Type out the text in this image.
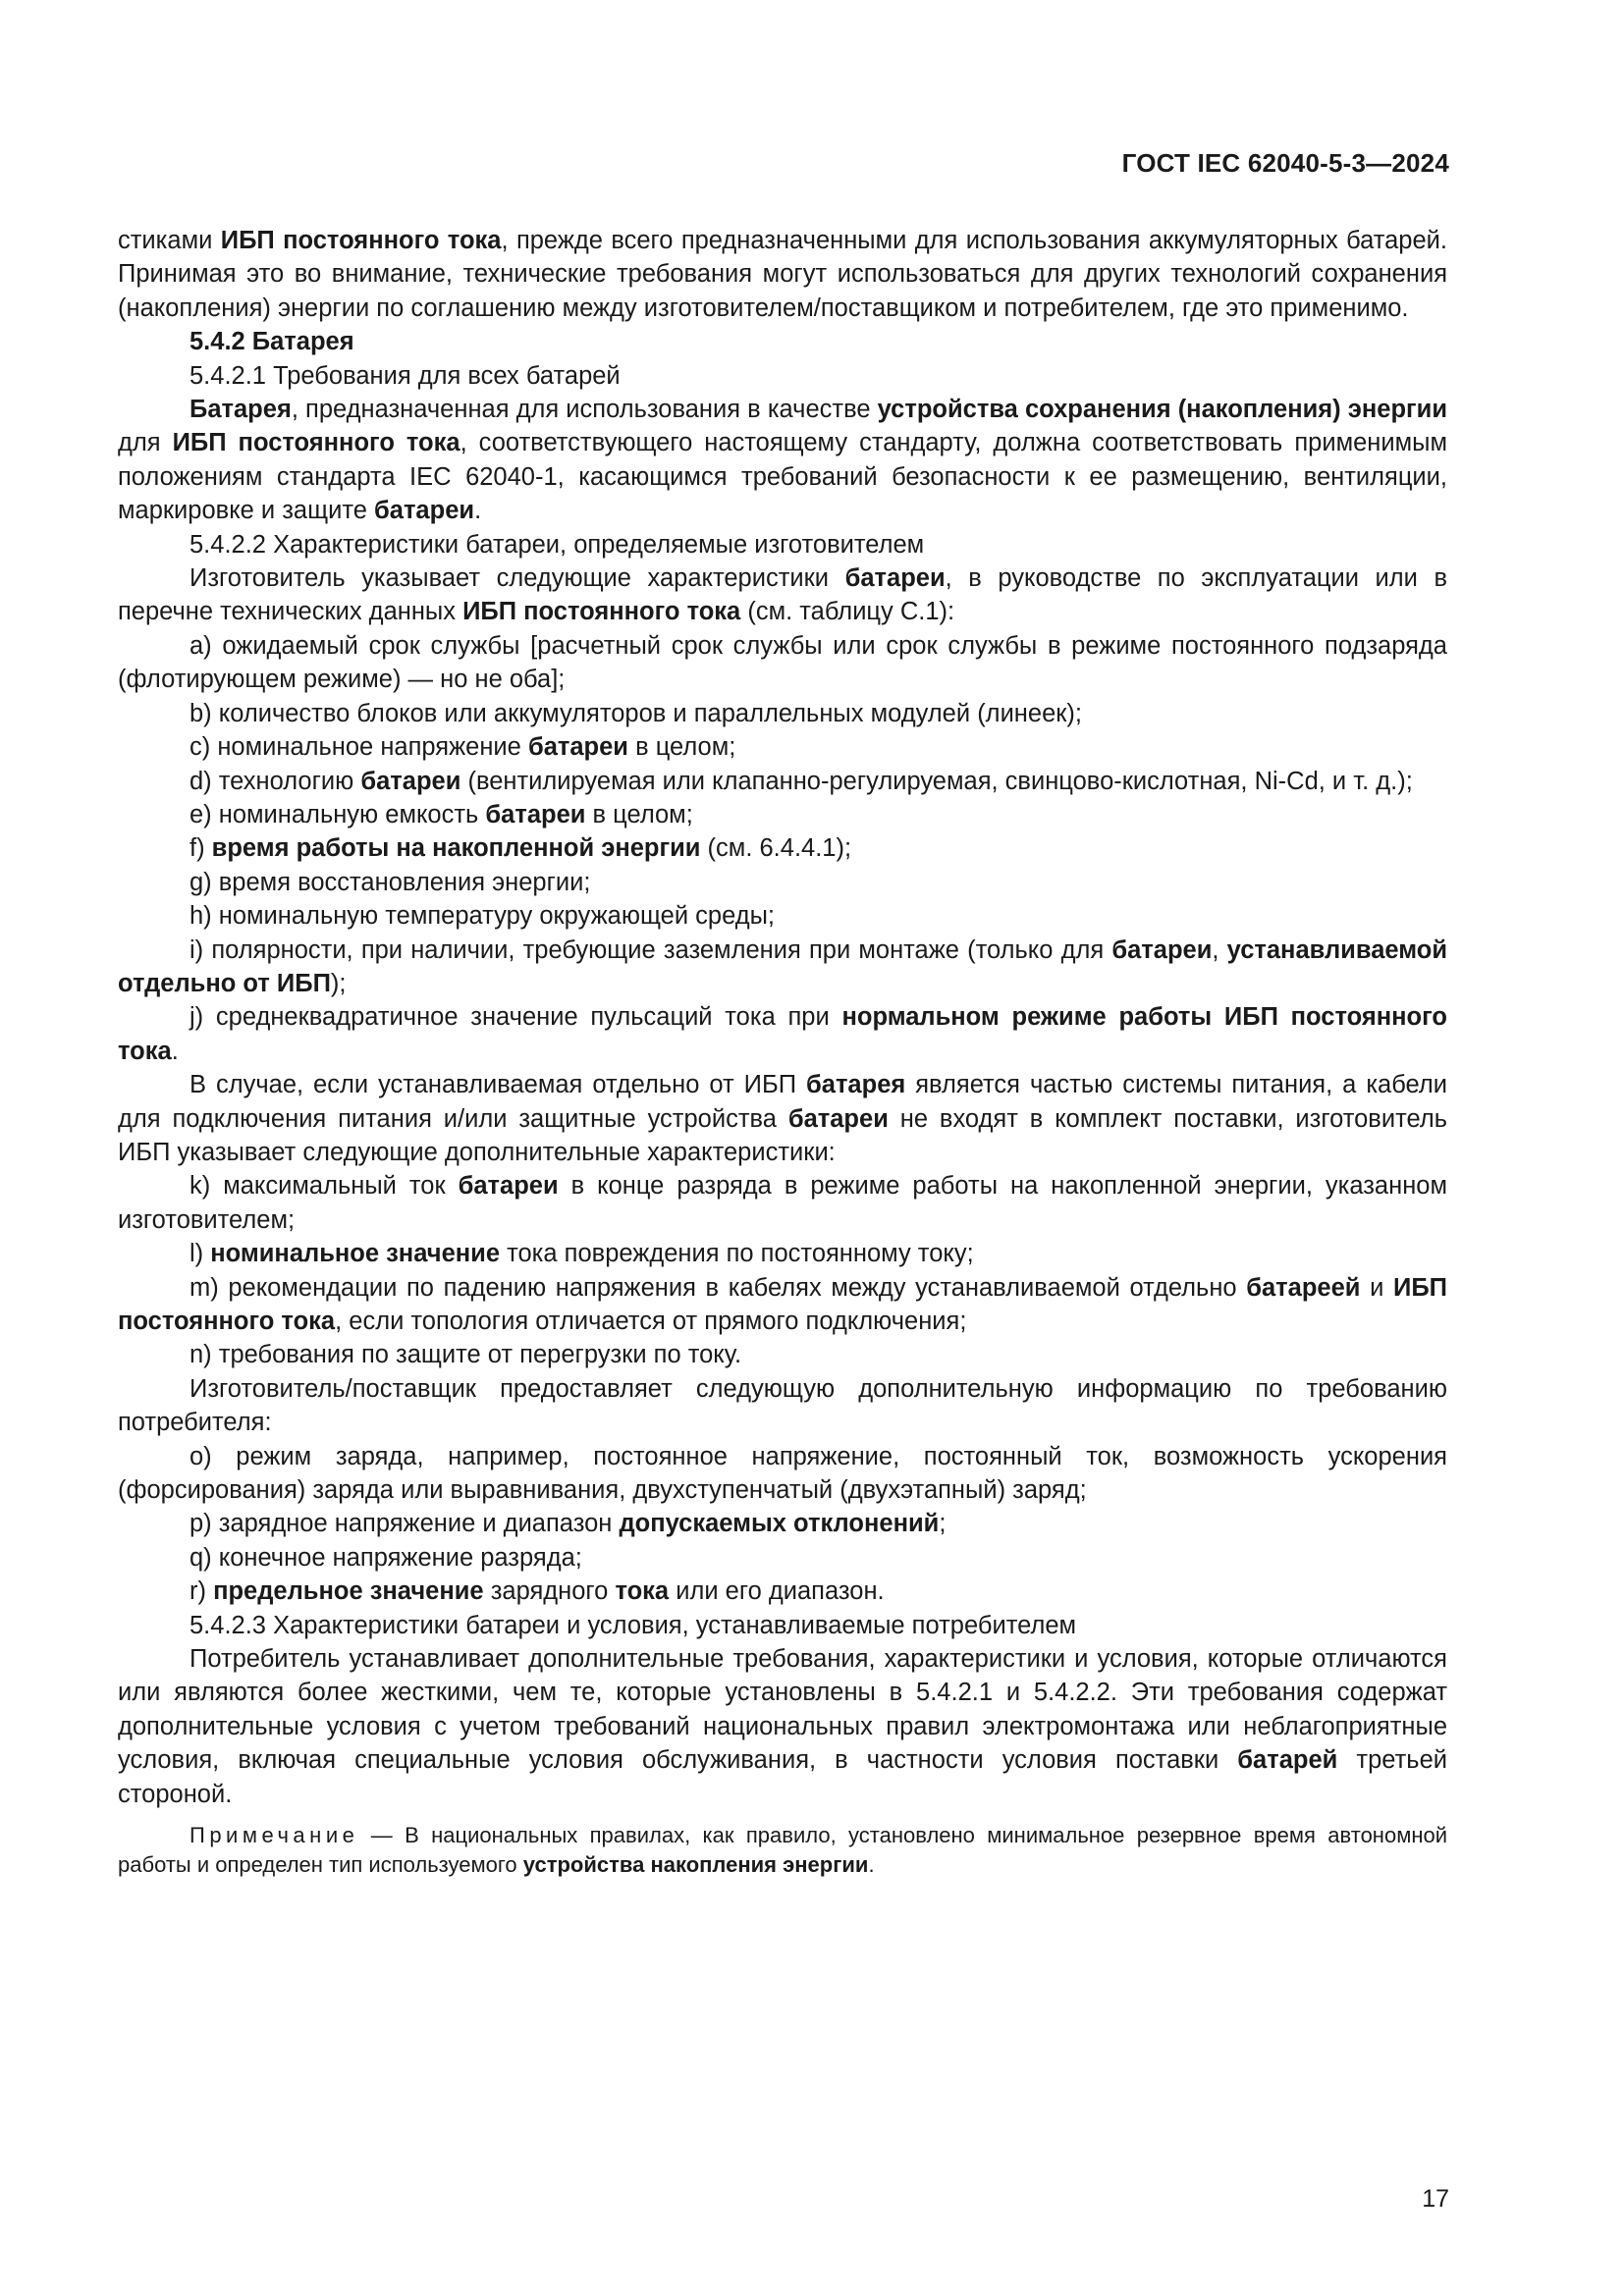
ГОСТ IEC 62040-5-3—2024

стиками ИБП постоянного тока, прежде всего предназначенными для использования аккумуляторных батарей. Принимая это во внимание, технические требования могут использоваться для других технологий сохранения (накопления) энергии по соглашению между изготовителем/поставщиком и потребителем, где это применимо.

5.4.2 Батарея

5.4.2.1 Требования для всех батарей

Батарея, предназначенная для использования в качестве устройства сохранения (накопления) энергии для ИБП постоянного тока, соответствующего настоящему стандарту, должна соответствовать применимым положениям стандарта IEC 62040-1, касающимся требований безопасности к ее размещению, вентиляции, маркировке и защите батареи.

5.4.2.2 Характеристики батареи, определяемые изготовителем

Изготовитель указывает следующие характеристики батареи, в руководстве по эксплуатации или в перечне технических данных ИБП постоянного тока (см. таблицу С.1):

а) ожидаемый срок службы [расчетный срок службы или срок службы в режиме постоянного подзаряда (флотирующем режиме) — но не оба];

b) количество блоков или аккумуляторов и параллельных модулей (линеек);

c) номинальное напряжение батареи в целом;

d) технологию батареи (вентилируемая или клапанно-регулируемая, свинцово-кислотная, Ni-Cd, и т. д.);

e) номинальную емкость батареи в целом;

f) время работы на накопленной энергии (см. 6.4.4.1);

g) время восстановления энергии;

h) номинальную температуру окружающей среды;

i) полярности, при наличии, требующие заземления при монтаже (только для батареи, устанавливаемой отдельно от ИБП);

j) среднеквадратичное значение пульсаций тока при нормальном режиме работы ИБП постоянного тока.

В случае, если устанавливаемая отдельно от ИБП батарея является частью системы питания, а кабели для подключения питания и/или защитные устройства батареи не входят в комплект поставки, изготовитель ИБП указывает следующие дополнительные характеристики:

k) максимальный ток батареи в конце разряда в режиме работы на накопленной энергии, указанном изготовителем;

l) номинальное значение тока повреждения по постоянному току;

m) рекомендации по падению напряжения в кабелях между устанавливаемой отдельно батареей и ИБП постоянного тока, если топология отличается от прямого подключения;

n) требования по защите от перегрузки по току.

Изготовитель/поставщик предоставляет следующую дополнительную информацию по требованию потребителя:

о) режим заряда, например, постоянное напряжение, постоянный ток, возможность ускорения (форсирования) заряда или выравнивания, двухступенчатый (двухэтапный) заряд;

р) зарядное напряжение и диапазон допускаемых отклонений;

q) конечное напряжение разряда;

r) предельное значение зарядного тока или его диапазон.

5.4.2.3 Характеристики батареи и условия, устанавливаемые потребителем

Потребитель устанавливает дополнительные требования, характеристики и условия, которые отличаются или являются более жесткими, чем те, которые установлены в 5.4.2.1 и 5.4.2.2. Эти требования содержат дополнительные условия с учетом требований национальных правил электромонтажа или неблагоприятные условия, включая специальные условия обслуживания, в частности условия поставки батарей третьей стороной.

Примечание — В национальных правилах, как правило, установлено минимальное резервное время автономной работы и определен тип используемого устройства накопления энергии.

17
